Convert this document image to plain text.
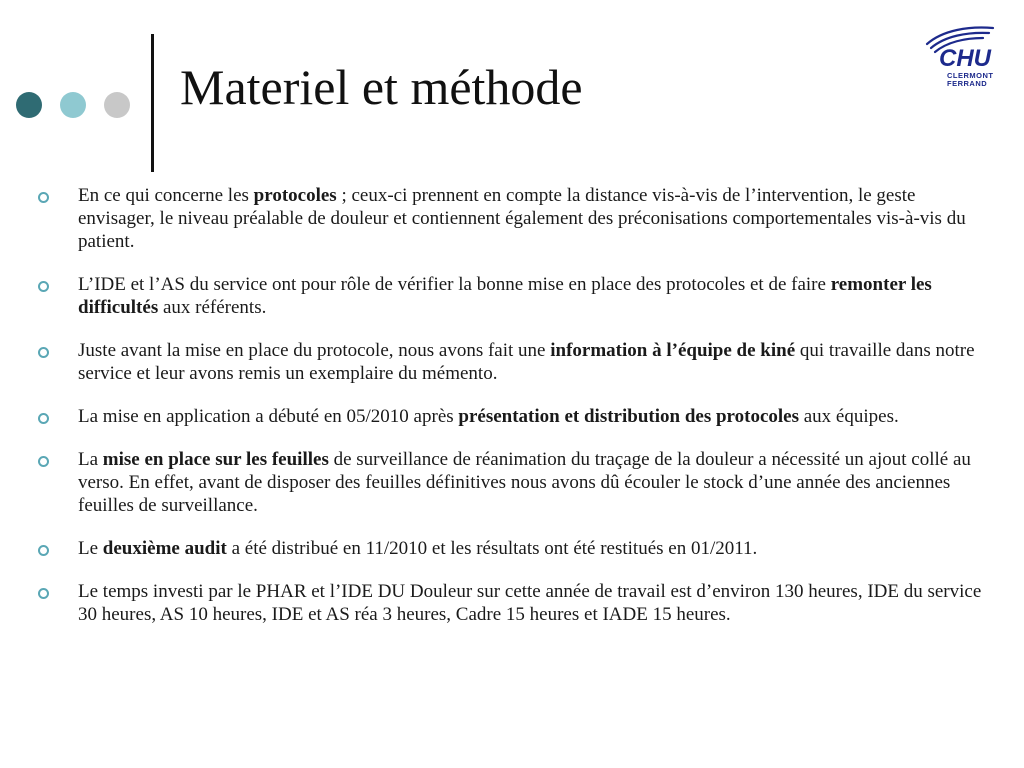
Materiel et méthode
CHU
CLERMONT
FERRAND
En ce qui concerne les protocoles ; ceux-ci prennent en compte la distance vis-à-vis de l’intervention, le geste envisager, le niveau préalable de douleur et contiennent également des préconisations comportementales vis-à-vis du patient.
L’IDE et l’AS du service ont pour rôle de vérifier la bonne mise en place des protocoles et de faire remonter les difficultés aux référents.
Juste avant la mise en place du protocole, nous avons fait une information à l’équipe de kiné qui travaille dans notre service et leur avons remis un exemplaire du mémento.
La mise en application a débuté en 05/2010 après présentation et distribution des protocoles aux équipes.
La mise en place sur les feuilles de surveillance de réanimation du traçage de la douleur a nécessité un ajout collé au verso. En effet, avant de disposer des feuilles définitives nous avons dû écouler le stock d’une année des anciennes feuilles de surveillance.
Le deuxième audit a été distribué en 11/2010 et les résultats ont été restitués en 01/2011.
Le temps investi par le PHAR et l’IDE DU Douleur sur cette année de travail est d’environ 130 heures, IDE du service 30 heures, AS 10 heures, IDE et AS réa 3 heures, Cadre 15 heures et IADE 15 heures.
